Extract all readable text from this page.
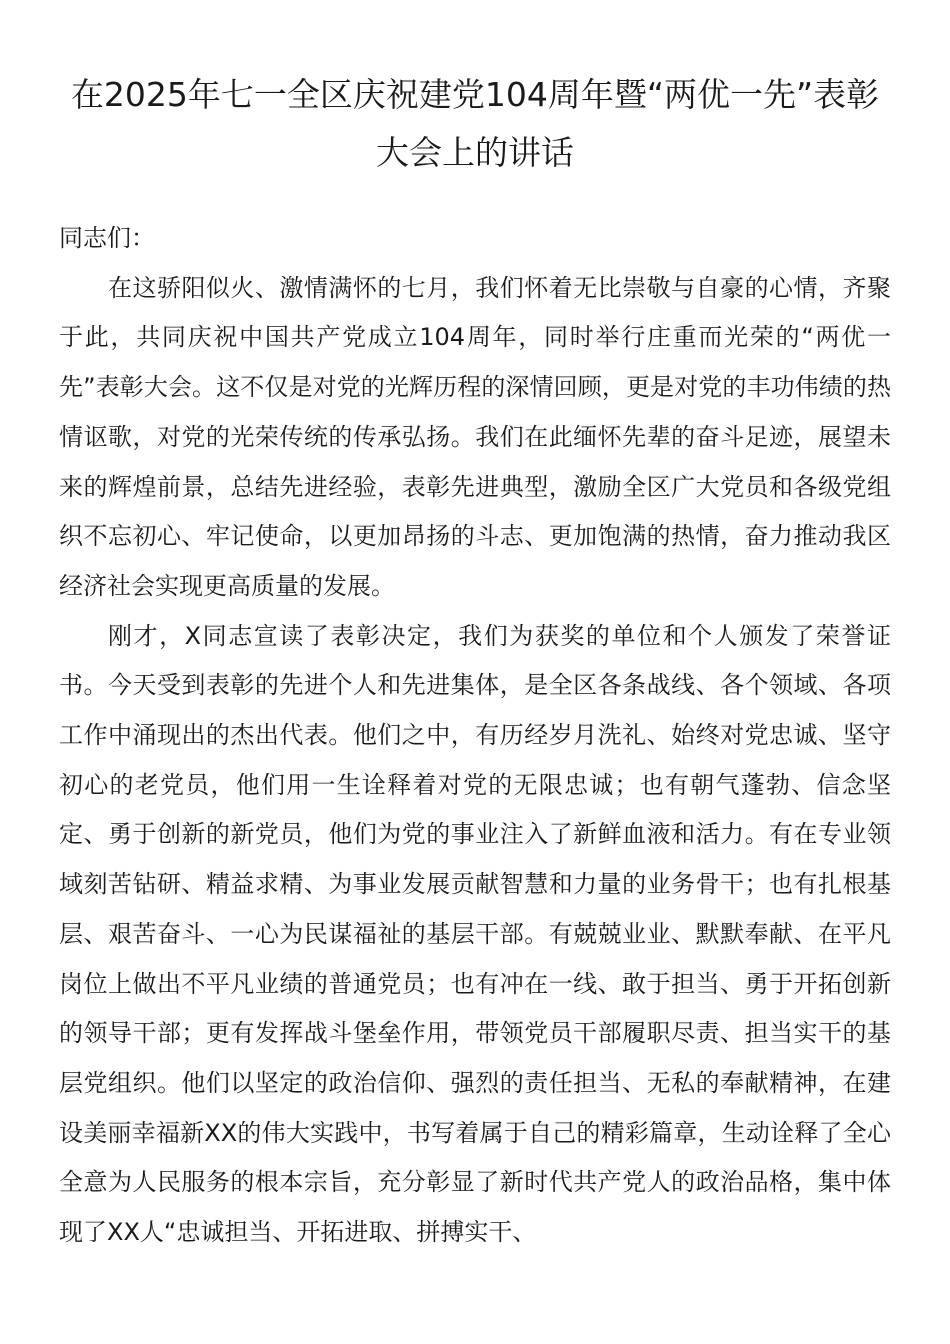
在2025年七一全区庆祝建党104周年暨“两优一先”表彰大会上的讲话

同志们：

在这骄阳似火、激情满怀的七月，我们怀着无比崇敬与自豪的心情，齐聚于此，共同庆祝中国共产党成立104周年，同时举行庄重而光荣的“两优一先”表彰大会。这不仅是对党的光辉历程的深情回顾，更是对党的丰功伟绩的热情讴歌，对党的光荣传统的传承弘扬。我们在此缅怀先辈的奋斗足迹，展望未来的辉煌前景，总结先进经验，表彰先进典型，激励全区广大党员和各级党组织不忘初心、牢记使命，以更加昂扬的斗志、更加饱满的热情，奋力推动我区经济社会实现更高质量的发展。

刚才，X同志宣读了表彰决定，我们为获奖的单位和个人颁发了荣誉证书。今天受到表彰的先进个人和先进集体，是全区各条战线、各个领域、各项工作中涌现出的杰出代表。他们之中，有历经岁月洗礼、始终对党忠诚、坚守初心的老党员，他们用一生诠释着对党的无限忠诚；也有朝气蓬勃、信念坚定、勇于创新的新党员，他们为党的事业注入了新鲜血液和活力。有在专业领域刻苦钻研、精益求精、为事业发展贡献智慧和力量的业务骨干；也有扎根基层、艰苦奋斗、一心为民谋福祉的基层干部。有兢兢业业、默默奉献、在平凡岗位上做出不平凡业绩的普通党员；也有冲在一线、敢于担当、勇于开拓创新的领导干部；更有发挥战斗堡垒作用，带领党员干部履职尽责、担当实干的基层党组织。他们以坚定的政治信仰、强烈的责任担当、无私的奉献精神，在建设美丽幸福新XX的伟大实践中，书写着属于自己的精彩篇章，生动诠释了全心全意为人民服务的根本宗旨，充分彰显了新时代共产党人的政治品格，集中体现了XX人“忠诚担当、开拓进取、拼搏实干、
